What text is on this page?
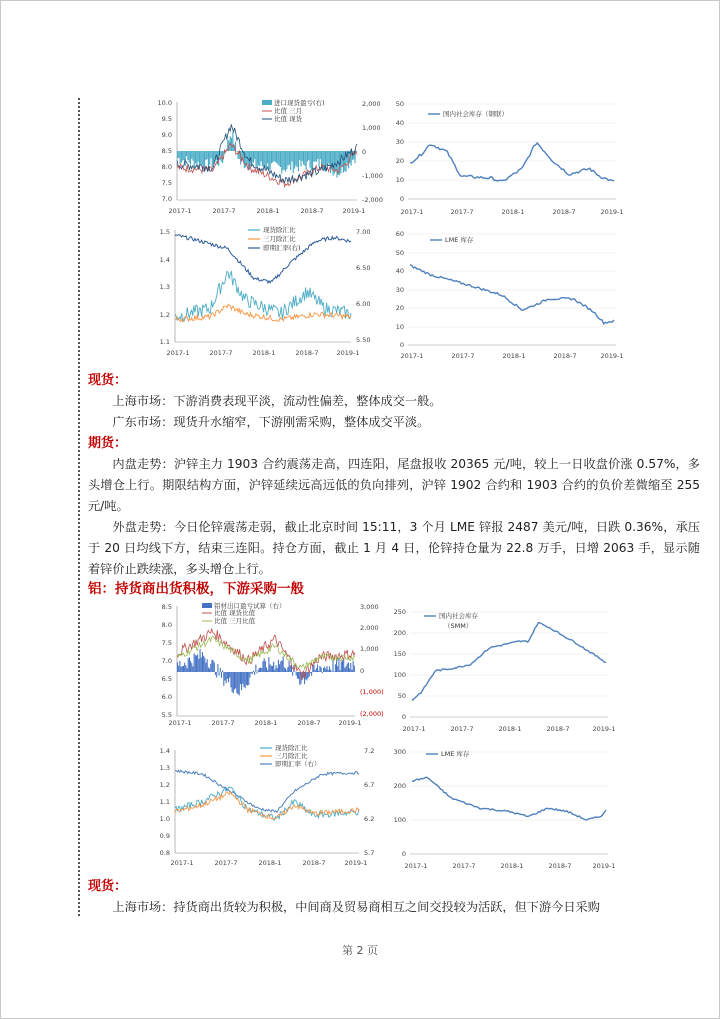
10.0
9.5
9.0
8.5
8.0
7.5
7.0
2,000
1,000
0
-1,000
-2,000
进口现货盈亏(右)
比值 三月
比值 现货
2017-1	2017-7	2018-1	2018-7	2019-1
50
40
30
20
10
0
国内社会库存（钢联）
2017-1	2017-7	2018-1	2018-7	2019-1
1.5
1.4
1.3
1.2
1.1
7.00
6.50
6.00
5.50
现货除汇比
三月除汇比
即期汇率(右)
2017-1	2017-7	2018-1	2018-7	2019-1
60
50
40
30
20
10
0
LME 库存
2017-1	2017-7	2018-1	2018-7	2019-1
现货：

上海市场：下游消费表现平淡，流动性偏差，整体成交一般。

广东市场：现货升水缩窄，下游刚需采购，整体成交平淡。

期货：

内盘走势：沪锌主力 1903 合约震荡走高，四连阳，尾盘报收 20365 元/吨，较上一日收盘价涨 0.57%，多头增仓上行。期限结构方面，沪锌延续远高远低的负向排列，沪锌 1902 合约和 1903 合约的负价差微缩至 255 元/吨。

外盘走势：今日伦锌震荡走弱，截止北京时间 15:11，3 个月 LME 锌报 2487 美元/吨，日跌 0.36%，承压于 20 日均线下方，结束三连阳。持仓方面，截止 1 月 4 日，伦锌持仓量为 22.8 万手，日增 2063 手，显示随着锌价止跌续涨，多头增仓上行。

铝：持货商出货积极，下游采购一般
8.5
8.0
7.5
7.0
6.5
6.0
5.5
3,000
2,000
1,000
0
(1,000)
(2,000)
铝材出口盈亏试算（右）
比值 现货比值
比值 三月比值
2017-1	2017-7	2018-1	2018-7	2019-1
250
200
150
100
50
0
国内社会库存
（SMM）
2017-1	2017-7	2018-1	2018-7	2019-1
1.4
1.3
1.2
1.1
1.0
0.9
0.8
7.2
6.7
6.2
5.7
现货除汇比
三月除汇比
即期汇率（右）
2017-1	2017-7	2018-1	2018-7	2019-1
300
200
100
0
LME 库存
2017-1	2017-7	2018-1	2018-7	2019-1
现货：

上海市场：持货商出货较为积极，中间商及贸易商相互之间交投较为活跃，但下游今日采购

第 2 页
